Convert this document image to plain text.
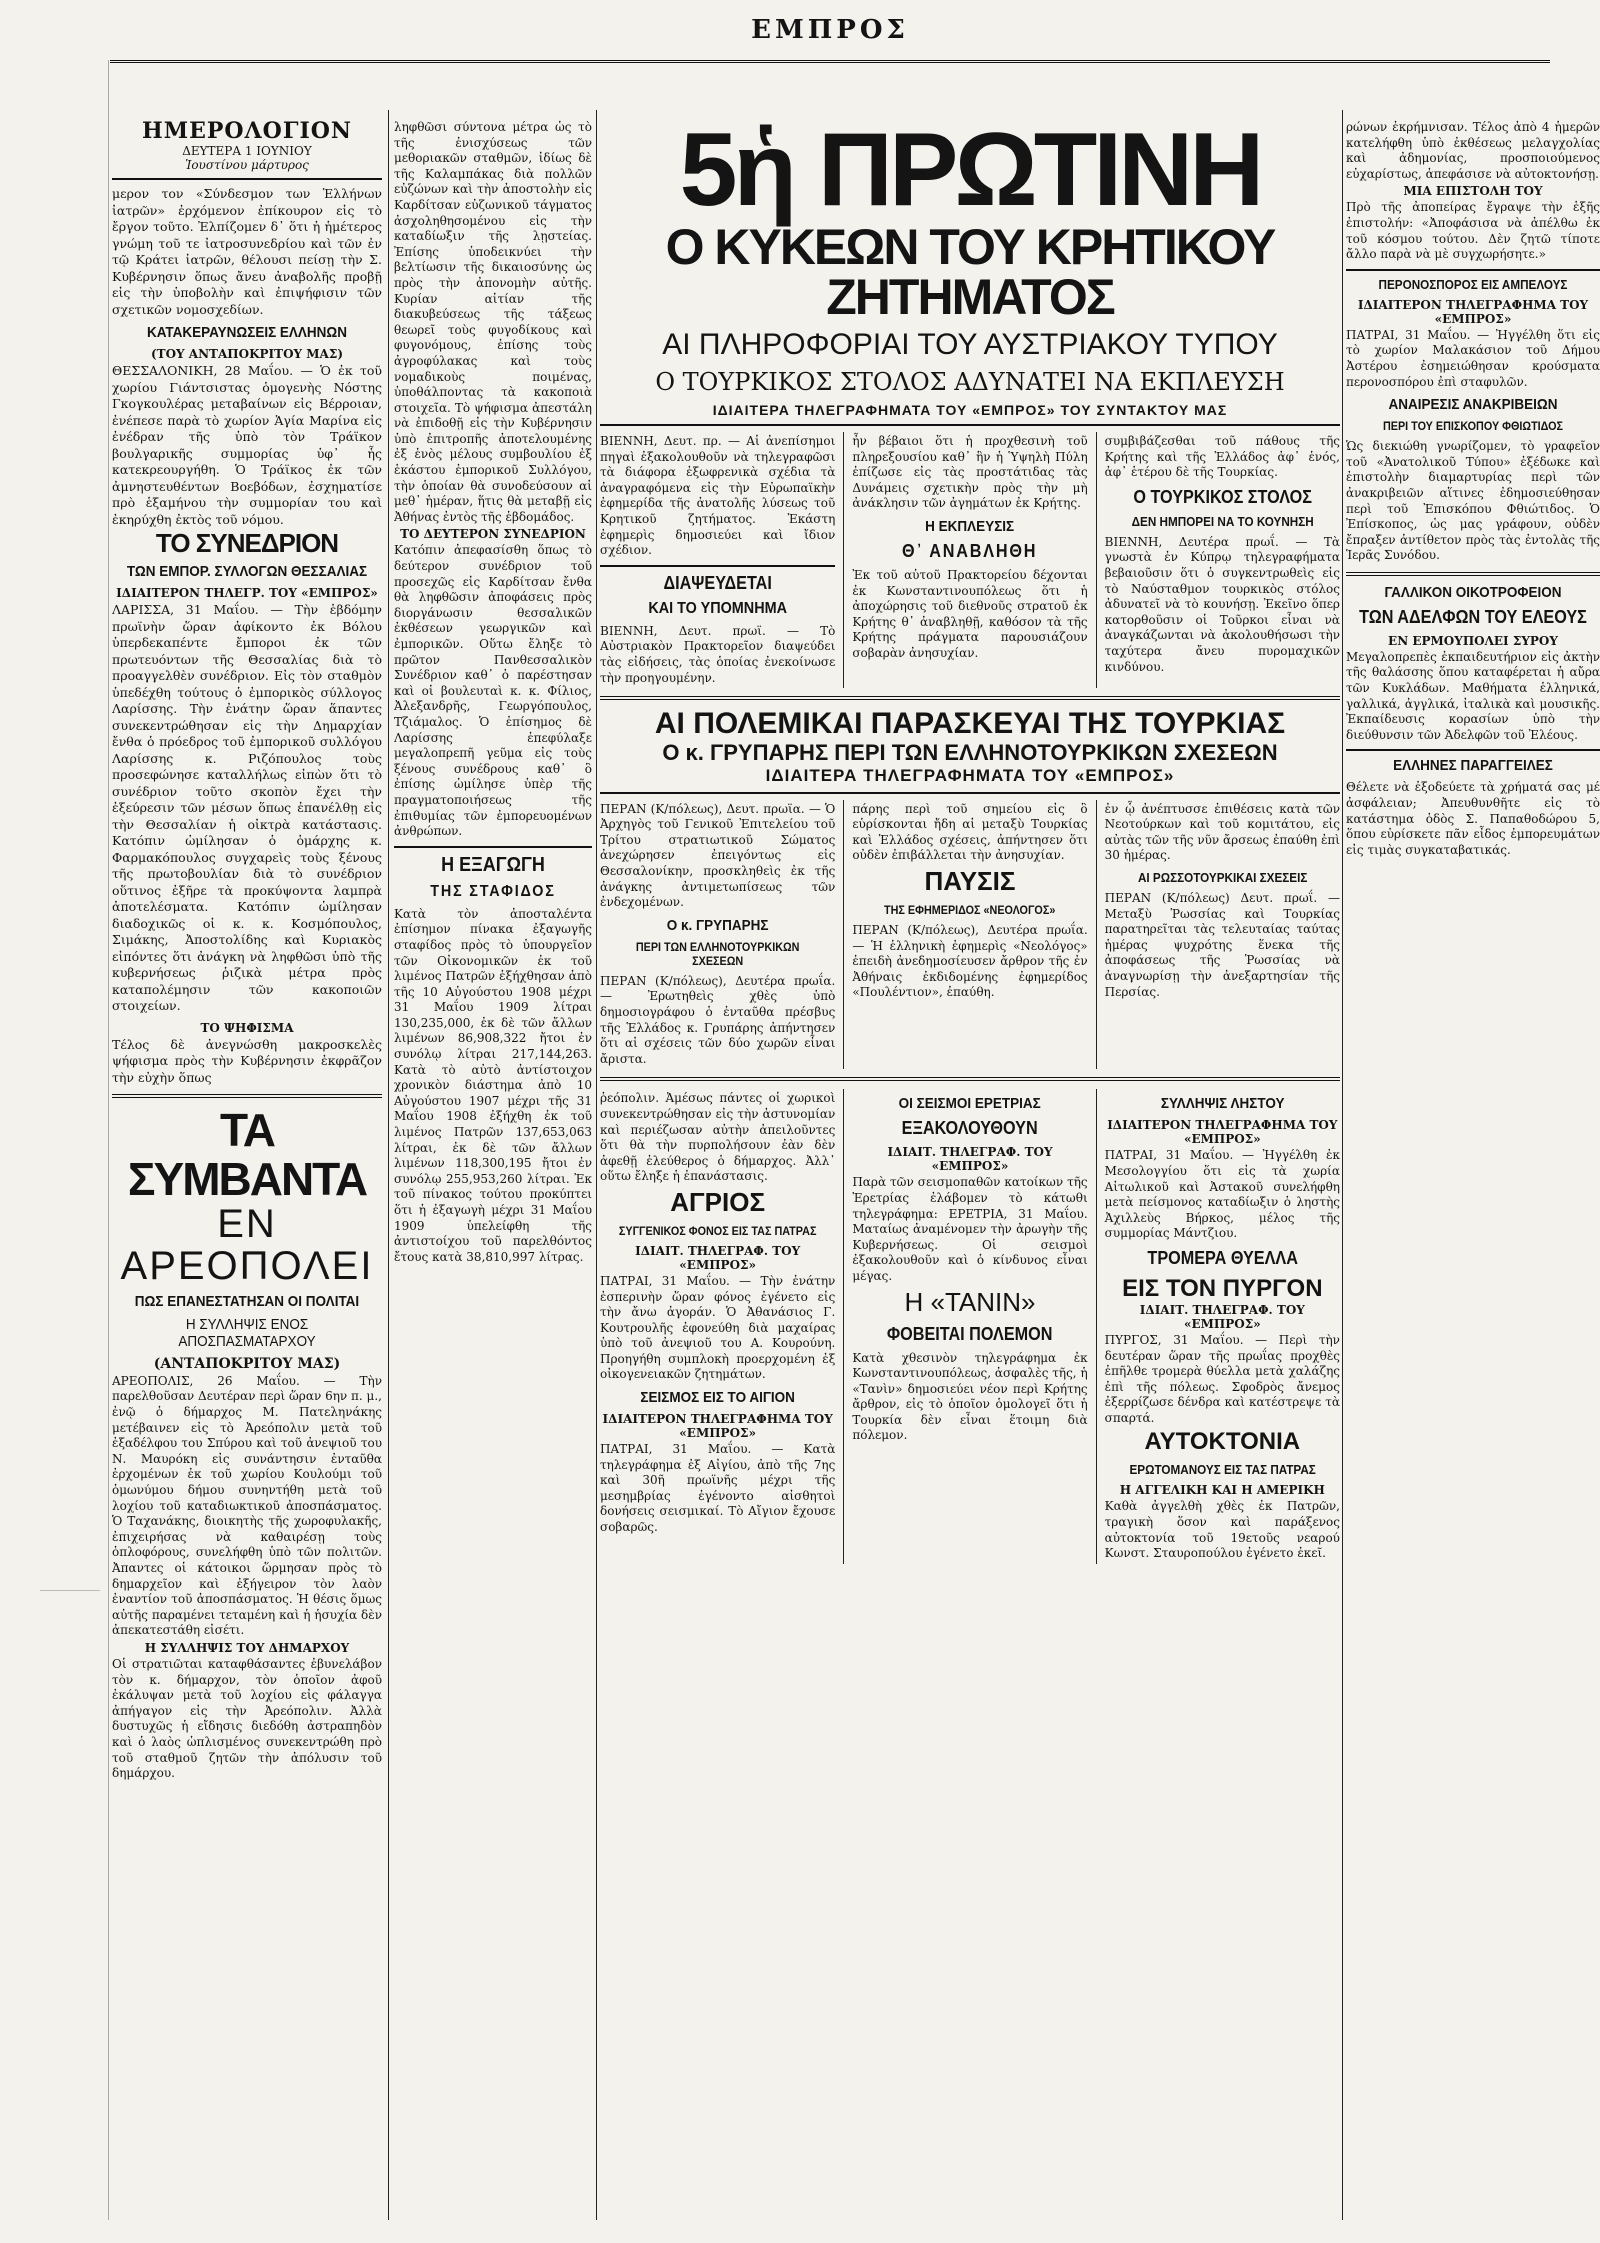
ΕΜΠΡΟΣ
ΗΜΕΡΟΛΟΓΙΟΝ
ΔΕΥΤΕΡΑ 1 ΙΟΥΝΙΟΥ
Ἰουστίνου μάρτυρος

μερον τον «Σύνδεσμον των Ἑλλήνων ἰατρῶν» ἐρχόμενον ἐπίκουρον εἰς τὸ ἔργον τοῦτο. Ἐλπίζομεν δ᾽ ὅτι ἡ ἡμέτερος γνώμη τοῦ τε ἰατροσυνεδρίου καὶ τῶν ἐν τῷ Κράτει ἰατρῶν, θέλουσι πείσῃ τὴν Σ. Κυβέρνησιν ὅπως ἄνευ ἀναβολῆς προβῇ εἰς τὴν ὑποβολὴν καὶ ἐπιψήφισιν τῶν σχετικῶν νομοσχεδίων.

ΚΑΤΑΚΕΡΑΥΝΩΣΕΙΣ ΕΛΛΗΝΩΝ
(ΤΟΥ ΑΝΤΑΠΟΚΡΙΤΟΥ ΜΑΣ)

ΘΕΣΣΑΛΟΝΙΚΗ, 28 Μαΐου. — Ὁ ἐκ τοῦ χωρίου Γιάντσιστας ὁμογενὴς Νόστης Γκογκουλέρας μεταβαίνων εἰς Βέρροιαν, ἐνέπεσε παρὰ τὸ χωρίον Ἁγία Μαρίνα εἰς ἐνέδραν τῆς ὑπὸ τὸν Τράϊκον βουλγαρικῆς συμμορίας ὑφ᾽ ἧς κατεκρεουργήθη. Ὁ Τράϊκος ἐκ τῶν ἀμνηστευθέντων Βοεβόδων, ἐσχηματίσε πρὸ ἑξαμήνου τὴν συμμορίαν του καὶ ἐκηρύχθη ἐκτὸς τοῦ νόμου.

ΤΟ ΣΥΝΕΔΡΙΟΝ
ΤΩΝ ΕΜΠΟΡ. ΣΥΛΛΟΓΩΝ ΘΕΣΣΑΛΙΑΣ
ΙΔΙΑΙΤΕΡΟΝ ΤΗΛΕΓΡ. ΤΟΥ «ΕΜΠΡΟΣ»

ΛΑΡΙΣΣΑ, 31 Μαΐου. — Τὴν ἑβδόμην πρωϊνὴν ὥραν ἀφίκοντο ἐκ Βόλου ὑπερδεκαπέντε ἔμποροι ἐκ τῶν πρωτευόντων τῆς Θεσσαλίας διὰ τὸ προαγγελθὲν συνέδριον. Εἰς τὸν σταθμὸν ὑπεδέχθη τούτους ὁ ἐμπορικὸς σύλλογος Λαρίσσης. Τὴν ἐνάτην ὥραν ἅπαντες συνεκεντρώθησαν εἰς τὴν Δημαρχίαν ἔνθα ὁ πρόεδρος τοῦ ἐμπορικοῦ συλλόγου Λαρίσσης κ. Ριζόπουλος τοὺς προσεφώνησε καταλλήλως εἰπὼν ὅτι τὸ συνέδριον τοῦτο σκοπὸν ἔχει τὴν ἐξεύρεσιν τῶν μέσων ὅπως ἐπανέλθῃ εἰς τὴν Θεσσαλίαν ἡ οἰκτρὰ κατάστασις. Κατόπιν ὡμίλησαν ὁ ὁμάρχης κ. Φαρμακόπουλος συγχαρεὶς τοὺς ξένους τῆς πρωτοβουλίαν διὰ τὸ συνέδριον οὕτινος ἐξῆρε τὰ προκύψοντα λαμπρὰ ἀποτελέσματα. Κατόπιν ὡμίλησαν διαδοχικῶς οἱ κ. κ. Κοσμόπουλος, Σιμάκης, Ἀποστολίδης καὶ Κυριακὸς εἰπόντες ὅτι ἀνάγκη νὰ ληφθῶσι ὑπὸ τῆς κυβερνήσεως ῥιζικὰ μέτρα πρὸς καταπολέμησιν τῶν κακοποιῶν στοιχείων.

ΤΟ ΨΗΦΙΣΜΑ

Τέλος δὲ ἀνεγνώσθη μακροσκελὲς ψήφισμα πρὸς τὴν Κυβέρνησιν ἐκφρᾶζον τὴν εὐχὴν ὅπως

ΤΑ ΣΥΜΒΑΝΤΑ
ΕΝ ΑΡΕΟΠΟΛΕΙ
ΠΩΣ ΕΠΑΝΕΣΤΑΤΗΣΑΝ ΟΙ ΠΟΛΙΤΑΙ
Η ΣΥΛΛΗΨΙΣ ΕΝΟΣ ΑΠΟΣΠΑΣΜΑΤΑΡΧΟΥ
(ΑΝΤΑΠΟΚΡΙΤΟΥ ΜΑΣ)

ΑΡΕΟΠΟΛΙΣ, 26 Μαΐου. — Τὴν παρελθοῦσαν Δευτέραν περὶ ὥραν 6ην π. μ., ἐνῷ ὁ δήμαρχος Μ. Πατεληνάκης μετέβαινεν εἰς τὸ Ἀρεόπολιν μετὰ τοῦ ἐξαδέλφου του Σπύρου καὶ τοῦ ἀνεψιοῦ του Ν. Μαυρόκη εἰς συνάντησιν ἐνταῦθα ἐρχομένων ἐκ τοῦ χωρίου Κουλούμι τοῦ ὁμωνύμου δήμου συνηντήθη μετὰ τοῦ λοχίου τοῦ καταδιωκτικοῦ ἀποσπάσματος. Ὁ Ταχανάκης, διοικητὴς τῆς χωροφυλακῆς, ἐπιχειρήσας νὰ καθαιρέσῃ τοὺς ὁπλοφόρους, συνελήφθη ὑπὸ τῶν πολιτῶν. Ἀπαντες οἱ κάτοικοι ὥρμησαν πρὸς τὸ δημαρχεῖον καὶ ἐξήγειρον τὸν λαὸν ἐναντίον τοῦ ἀποσπάσματος. Ἡ θέσις ὅμως αὐτῆς παραμένει τεταμένη καὶ ἡ ἡσυχία δὲν ἀπεκατεστάθη εἰσέτι.

Η ΣΥΛΛΗΨΙΣ ΤΟΥ ΔΗΜΑΡΧΟΥ

Οἱ στρατιῶται καταφθάσαντες ἐβυνελάβον τὸν κ. δήμαρχον, τὸν ὁποῖον ἀφοῦ ἐκάλυψαν μετὰ τοῦ λοχίου εἰς φάλαγγα ἀπήγαγον εἰς τὴν Ἀρεόπολιν. Ἀλλὰ δυστυχῶς ἡ εἴδησις διεδόθη ἀστραπηδὸν καὶ ὁ λαὸς ὡπλισμένος συνεκεντρώθη πρὸ τοῦ σταθμοῦ ζητῶν τὴν ἀπόλυσιν τοῦ δημάρχου.

ληφθῶσι σύντονα μέτρα ὡς τὸ τῆς ἐνισχύσεως τῶν μεθοριακῶν σταθμῶν, ἰδίως δὲ τῆς Καλαμπάκας διὰ πολλῶν εὐζώνων καὶ τὴν ἀποστολὴν εἰς Καρδίτσαν εὐζωνικοῦ τάγματος ἀσχοληθησομένου εἰς τὴν καταδίωξιν τῆς λῃστείας. Ἐπίσης ὑποδεικνύει τὴν βελτίωσιν τῆς δικαιοσύνης ὡς πρὸς τὴν ἀπονομὴν αὐτῆς. Κυρίαν αἰτίαν τῆς διακυβεύσεως τῆς τάξεως θεωρεῖ τοὺς φυγοδίκους καὶ φυγονόμους, ἐπίσης τοὺς ἀγροφύλακας καὶ τοὺς νομαδικοὺς ποιμένας, ὑποθάλποντας τὰ κακοποιὰ στοιχεῖα. Τὸ ψήφισμα ἀπεστάλη νὰ ἐπιδοθῇ εἰς τὴν Κυβέρνησιν ὑπὸ ἐπιτροπῆς ἀποτελουμένης ἐξ ἑνὸς μέλους συμβουλίου ἐξ ἑκάστου ἐμπορικοῦ Συλλόγου, τὴν ὁποίαν θὰ συνοδεύσουν αἱ μεθ᾽ ἡμέραν, ἥτις θὰ μεταβῇ εἰς Ἀθήνας ἐντὸς τῆς ἑβδομάδος.

ΤΟ ΔΕΥΤΕΡΟΝ ΣΥΝΕΔΡΙΟΝ

Κατόπιν ἀπεφασίσθη ὅπως τὸ δεύτερον συνέδριον τοῦ προσεχῶς εἰς Καρδίτσαν ἔνθα θὰ ληφθῶσιν ἀποφάσεις πρὸς διοργάνωσιν θεσσαλικῶν ἐκθέσεων γεωργικῶν καὶ ἐμπορικῶν. Οὕτω ἔληξε τὸ πρῶτον Πανθεσσαλικὸν Συνέδριον καθ᾽ ὁ παρέστησαν καὶ οἱ βουλευταὶ κ. κ. Φίλιος, Ἀλεξανδρῆς, Γεωργόπουλος, Τζιάμαλος. Ὁ ἐπίσημος δὲ Λαρίσσης ἐπεφύλαξε μεγαλοπρεπῆ γεῦμα εἰς τοὺς ξένους συνέδρους καθ᾽ ὃ ἐπίσης ὡμίλησε ὑπὲρ τῆς πραγματοποιήσεως τῆς ἐπιθυμίας τῶν ἐμπορευομένων ἀνθρώπων.

Η ΕΞΑΓΩΓΗ
ΤΗΣ ΣΤΑΦΙΔΟΣ

Κατὰ τὸν ἀποσταλέντα ἐπίσημον πίνακα ἐξαγωγῆς σταφίδος πρὸς τὸ ὑπουργεῖον τῶν Οἰκονομικῶν ἐκ τοῦ λιμένος Πατρῶν ἐξήχθησαν ἀπὸ τῆς 10 Αὐγούστου 1908 μέχρι 31 Μαΐου 1909 λίτραι 130,235,000, ἐκ δὲ τῶν ἄλλων λιμένων 86,908,322 ἤτοι ἐν συνόλῳ λίτραι 217,144,263. Κατὰ τὸ αὐτὸ ἀντίστοιχον χρονικὸν διάστημα ἀπὸ 10 Αὐγούστου 1907 μέχρι τῆς 31 Μαΐου 1908 ἐξήχθη ἐκ τοῦ λιμένος Πατρῶν 137,653,063 λίτραι, ἐκ δὲ τῶν ἄλλων λιμένων 118,300,195 ἤτοι ἐν συνόλῳ 255,953,260 λίτραι. Ἐκ τοῦ πίνακος τούτου προκύπτει ὅτι ἡ ἐξαγωγὴ μέχρι 31 Μαΐου 1909 ὑπελείφθη τῆς ἀντιστοίχου τοῦ παρελθόντος ἔτους κατὰ 38,810,997 λίτρας.

5ἡ ΠΡΩΤΙΝΗ
Ο ΚΥΚΕΩΝ ΤΟΥ ΚΡΗΤΙΚΟΥ ΖΗΤΗΜΑΤΟΣ
ΑΙ ΠΛΗΡΟΦΟΡΙΑΙ ΤΟΥ ΑΥΣΤΡΙΑΚΟΥ ΤΥΠΟΥ
Ο ΤΟΥΡΚΙΚΟΣ ΣΤΟΛΟΣ ΑΔΥΝΑΤΕΙ ΝΑ ΕΚΠΛΕΥΣΗ
ΙΔΙΑΙΤΕΡΑ ΤΗΛΕΓΡΑΦΗΜΑΤΑ ΤΟΥ «ΕΜΠΡΟΣ» ΤΟΥ ΣΥΝΤΑΚΤΟΥ ΜΑΣ

ΒΙΕΝΝΗ, Δευτ. πρ. — Αἱ ἀνεπίσημοι πηγαὶ ἐξακολουθοῦν νὰ τηλεγραφῶσι τὰ διάφορα ἐξωφρενικὰ σχέδια τὰ ἀναγραφόμενα εἰς τὴν Εὐρωπαϊκὴν ἐφημερίδα τῆς ἀνατολῆς λύσεως τοῦ Κρητικοῦ ζητήματος. Ἑκάστη ἐφημερὶς δημοσιεύει καὶ ἴδιον σχέδιον.

ΔΙΑΨΕΥΔΕΤΑΙ
ΚΑΙ ΤΟ ΥΠΟΜΝΗΜΑ

ΒΙΕΝΝΗ, Δευτ. πρωϊ. — Τὸ Αὐστριακὸν Πρακτορεῖον διαψεύδει τὰς εἰδήσεις, τὰς ὁποίας ἐνεκοίνωσε τὴν προηγουμένην.

ἦν βέβαιοι ὅτι ἡ προχθεσινὴ τοῦ πληρεξουσίου καθ᾽ ἣν ἡ Ὑψηλὴ Πύλη ἐπίζωσε εἰς τὰς προστάτιδας τὰς Δυνάμεις σχετικὴν πρὸς τὴν μὴ ἀνάκλησιν τῶν ἀγημάτων ἐκ Κρήτης.

Η ΕΚΠΛΕΥΣΙΣ
Θ᾽ ΑΝΑΒΛΗΘΗ

Ἐκ τοῦ αὐτοῦ Πρακτορείου δέχονται ἐκ Κωνσταντινουπόλεως ὅτι ἡ ἀποχώρησις τοῦ διεθνοῦς στρατοῦ ἐκ Κρήτης θ᾽ ἀναβληθῇ, καθόσον τὰ τῆς Κρήτης πράγματα παρουσιάζουν σοβαρὰν ἀνησυχίαν.

συμβιβάζεσθαι τοῦ πάθους τῆς Κρήτης καὶ τῆς Ἑλλάδος ἀφ᾽ ἑνός, ἀφ᾽ ἑτέρου δὲ τῆς Τουρκίας.

Ο ΤΟΥΡΚΙΚΟΣ ΣΤΟΛΟΣ
ΔΕΝ ΗΜΠΟΡΕΙ ΝΑ ΤΟ ΚΟΥΝΗΣΗ

ΒΙΕΝΝΗ, Δευτέρα πρωΐ. — Τὰ γνωστὰ ἐν Κύπρῳ τηλεγραφήματα βεβαιοῦσιν ὅτι ὁ συγκεντρωθεὶς εἰς τὸ Ναύσταθμον τουρκικὸς στόλος ἀδυνατεῖ νὰ τὸ κουνήσῃ. Ἐκεῖνο ὅπερ κατορθοῦσιν οἱ Τοῦρκοι εἶναι νὰ ἀναγκάζωνται νὰ ἀκολουθήσωσι τὴν ταχύτερα ἄνευ πυρομαχικῶν κινδύνου.

ΑΙ ΠΟΛΕΜΙΚΑΙ ΠΑΡΑΣΚΕΥΑΙ ΤΗΣ ΤΟΥΡΚΙΑΣ
Ο κ. ΓΡΥΠΑΡΗΣ ΠΕΡΙ ΤΩΝ ΕΛΛΗΝΟΤΟΥΡΚΙΚΩΝ ΣΧΕΣΕΩΝ
ΙΔΙΑΙΤΕΡΑ ΤΗΛΕΓΡΑΦΗΜΑΤΑ ΤΟΥ «ΕΜΠΡΟΣ»

ΠΕΡΑΝ (Κ/πόλεως), Δευτ. πρωϊα. — Ὁ Ἀρχηγὸς τοῦ Γενικοῦ Ἐπιτελείου τοῦ Τρίτου στρατιωτικοῦ Σώματος ἀνεχώρησεν ἐπειγόντως εἰς Θεσσαλονίκην, προσκληθεὶς ἐκ τῆς ἀνάγκης ἀντιμετωπίσεως τῶν ἐνδεχομένων.

Ο κ. ΓΡΥΠΑΡΗΣ
ΠΕΡΙ ΤΩΝ ΕΛΛΗΝΟΤΟΥΡΚΙΚΩΝ ΣΧΕΣΕΩΝ

ΠΕΡΑΝ (Κ/πόλεως), Δευτέρα πρωΐα. — Ἐρωτηθεὶς χθὲς ὑπὸ δημοσιογράφου ὁ ἐνταῦθα πρέσβυς τῆς Ἑλλάδος κ. Γρυπάρης ἀπήντησεν ὅτι αἱ σχέσεις τῶν δύο χωρῶν εἶναι ἄριστα.

πάρης περὶ τοῦ σημείου εἰς ὃ εὑρίσκονται ἤδη αἱ μεταξὺ Τουρκίας καὶ Ἑλλάδος σχέσεις, ἀπήντησεν ὅτι οὐδὲν ἐπιβάλλεται τὴν ἀνησυχίαν.

ΠΑΥΣΙΣ
ΤΗΣ ΕΦΗΜΕΡΙΔΟΣ «ΝΕΟΛΟΓΟΣ»

ΠΕΡΑΝ (Κ/πόλεως), Δευτέρα πρωΐα. — Ἡ ἑλληνικὴ ἐφημερὶς «Νεολόγος» ἐπειδὴ ἀνεδημοσίευσεν ἄρθρον τῆς ἐν Ἀθήναις ἐκδιδομένης ἐφημερίδος «Πουλέντιον», ἐπαύθη.

ἐν ᾧ ἀνέπτυσσε ἐπιθέσεις κατὰ τῶν Νεοτούρκων καὶ τοῦ κομιτάτου, εἰς αὐτὰς τῶν τῆς νῦν ἄρσεως ἐπαύθη ἐπὶ 30 ἡμέρας.

ΑΙ ΡΩΣΣΟΤΟΥΡΚΙΚΑΙ ΣΧΕΣΕΙΣ

ΠΕΡΑΝ (Κ/πόλεως) Δευτ. πρωΐ. — Μεταξὺ Ῥωσσίας καὶ Τουρκίας παρατηρεῖται τὰς τελευταίας ταύτας ἡμέρας ψυχρότης ἕνεκα τῆς ἀποφάσεως τῆς Ῥωσσίας νὰ ἀναγνωρίσῃ τὴν ἀνεξαρτησίαν τῆς Περσίας.

ῥεόπολιν. Ἀμέσως πάντες οἱ χωρικοὶ συνεκεντρώθησαν εἰς τὴν ἀστυνομίαν καὶ περιέζωσαν αὐτὴν ἀπειλοῦντες ὅτι θὰ τὴν πυρπολήσουν ἐὰν δὲν ἀφεθῇ ἐλεύθερος ὁ δήμαρχος. Ἀλλ᾽ οὕτω ἔληξε ἡ ἐπανάστασις.

ΑΓΡΙΟΣ
ΣΥΓΓΕΝΙΚΟΣ ΦΟΝΟΣ ΕΙΣ ΤΑΣ ΠΑΤΡΑΣ
ΙΔΙΑΙΤ. ΤΗΛΕΓΡΑΦ. ΤΟΥ «ΕΜΠΡΟΣ»

ΠΑΤΡΑΙ, 31 Μαΐου. — Τὴν ἐνάτην ἐσπερινὴν ὥραν φόνος ἐγένετο εἰς τὴν ἄνω ἀγοράν. Ὁ Ἀθανάσιος Γ. Κουτρουλῆς ἐφονεύθη διὰ μαχαίρας ὑπὸ τοῦ ἀνεψιοῦ του Α. Κουρούνη. Προηγήθη συμπλοκὴ προερχομένη ἐξ οἰκογενειακῶν ζητημάτων.

ΣΕΙΣΜΟΣ ΕΙΣ ΤΟ ΑΙΓΙΟΝ
ΙΔΙΑΙΤΕΡΟΝ ΤΗΛΕΓΡΑΦΗΜΑ ΤΟΥ «ΕΜΠΡΟΣ»

ΠΑΤΡΑΙ, 31 Μαΐου. — Κατὰ τηλεγράφημα ἐξ Αἰγίου, ἀπὸ τῆς 7ης καὶ 30ῆ πρωϊνῆς μέχρι τῆς μεσημβρίας ἐγένοντο αἰσθητοὶ δονήσεις σεισμικαί. Τὸ Αἴγιον ἔχουσε σοβαρῶς.

ΟΙ ΣΕΙΣΜΟΙ ΕΡΕΤΡΙΑΣ
ΕΞΑΚΟΛΟΥΘΟΥΝ
ΙΔΙΑΙΤ. ΤΗΛΕΓΡΑΦ. ΤΟΥ «ΕΜΠΡΟΣ»

Παρὰ τῶν σεισμοπαθῶν κατοίκων τῆς Ἐρετρίας ἐλάβομεν τὸ κάτωθι τηλεγράφημα: ΕΡΕΤΡΙΑ, 31 Μαΐου. Ματαίως ἀναμένομεν τὴν ἀρωγὴν τῆς Κυβερνήσεως. Οἱ σεισμοὶ ἐξακολουθοῦν καὶ ὁ κίνδυνος εἶναι μέγας.

Η «ΤΑΝΙΝ»
ΦΟΒΕΙΤΑΙ ΠΟΛΕΜΟΝ

Κατὰ χθεσινὸν τηλεγράφημα ἐκ Κωνσταντινουπόλεως, ἀσφαλὲς τῆς, ἡ «Τανὶν» δημοσιεύει νέον περὶ Κρήτης ἄρθρον, εἰς τὸ ὁποῖον ὁμολογεῖ ὅτι ἡ Τουρκία δὲν εἶναι ἕτοιμη διὰ πόλεμον.

ΣΥΛΛΗΨΙΣ ΛΗΣΤΟΥ
ΙΔΙΑΙΤΕΡΟΝ ΤΗΛΕΓΡΑΦΗΜΑ ΤΟΥ «ΕΜΠΡΟΣ»

ΠΑΤΡΑΙ, 31 Μαΐου. — Ἠγγέλθη ἐκ Μεσολογγίου ὅτι εἰς τὰ χωρία Αἰτωλικοῦ καὶ Ἀστακοῦ συνελήφθη μετὰ πείσμονος καταδίωξιν ὁ ληστὴς Ἀχιλλεὺς Βήρκος, μέλος τῆς συμμορίας Μάντζιου.

ΤΡΟΜΕΡΑ ΘΥΕΛΛΑ
ΕΙΣ ΤΟΝ ΠΥΡΓΟΝ
ΙΔΙΑΙΤ. ΤΗΛΕΓΡΑΦ. ΤΟΥ «ΕΜΠΡΟΣ»

ΠΥΡΓΟΣ, 31 Μαΐου. — Περὶ τὴν δευτέραν ὥραν τῆς πρωΐας προχθὲς ἐπῆλθε τρομερὰ θύελλα μετὰ χαλάζης ἐπὶ τῆς πόλεως. Σφοδρὸς ἄνεμος ἐξερρίζωσε δένδρα καὶ κατέστρεψε τὰ σπαρτά.

ΑΥΤΟΚΤΟΝΙΑ
ΕΡΩΤΟΜΑΝΟΥΣ ΕΙΣ ΤΑΣ ΠΑΤΡΑΣ
Η ΑΓΓΕΛΙΚΗ ΚΑΙ Η ΑΜΕΡΙΚΗ

Καθὰ ἀγγελθὴ χθὲς ἐκ Πατρῶν, τραγικὴ ὅσον καὶ παράξενος αὐτοκτονία τοῦ 19ετοῦς νεαρού Κωνστ. Σταυροπούλου ἐγένετο ἐκεῖ.

ρώνων ἐκρήμνισαν. Τέλος ἀπὸ 4 ἡμερῶν κατελήφθη ὑπὸ ἐκθέσεως μελαγχολίας καὶ ἀδημονίας, προσποιούμενος εὐχαρίστως, ἀπεφάσισε νὰ αὐτοκτονήσῃ.

ΜΙΑ ΕΠΙΣΤΟΛΗ ΤΟΥ

Πρὸ τῆς ἀποπείρας ἔγραψε τὴν ἑξῆς ἐπιστολήν: «Ἀποφάσισα νὰ ἀπέλθω ἐκ τοῦ κόσμου τούτου. Δὲν ζητῶ τίποτε ἄλλο παρὰ νὰ μὲ συγχωρήσητε.»

ΠΕΡΟΝΟΣΠΟΡΟΣ ΕΙΣ ΑΜΠΕΛΟΥΣ
ΙΔΙΑΙΤΕΡΟΝ ΤΗΛΕΓΡΑΦΗΜΑ ΤΟΥ «ΕΜΠΡΟΣ»

ΠΑΤΡΑΙ, 31 Μαΐου. — Ἠγγέλθη ὅτι εἰς τὸ χωρίον Μαλακάσιον τοῦ Δήμου Ἀστέρου ἐσημειώθησαν κρούσματα περονοσπόρου ἐπὶ σταφυλῶν.

ΑΝΑΙΡΕΣΙΣ ΑΝΑΚΡΙΒΕΙΩΝ
ΠΕΡΙ ΤΟΥ ΕΠΙΣΚΟΠΟΥ ΦΘΙΩΤΙΔΟΣ

Ὡς διεκιώθη γνωρίζομεν, τὸ γραφεῖον τοῦ «Ἀνατολικοῦ Τύπου» ἐξέδωκε καὶ ἐπιστολὴν διαμαρτυρίας περὶ τῶν ἀνακριβειῶν αἵτινες ἐδημοσιεύθησαν περὶ τοῦ Ἐπισκόπου Φθιώτιδος. Ὁ Ἐπίσκοπος, ὡς μας γράφουν, οὐδὲν ἔπραξεν ἀντίθετον πρὸς τὰς ἐντολὰς τῆς Ἱερᾶς Συνόδου.

ΓΑΛΛΙΚΟΝ ΟΙΚΟΤΡΟΦΕΙΟΝ
ΤΩΝ ΑΔΕΛΦΩΝ ΤΟΥ ΕΛΕΟΥΣ
ΕΝ ΕΡΜΟΥΠΟΛΕΙ ΣΥΡΟΥ

Μεγαλοπρεπὲς ἐκπαιδευτήριον εἰς ἀκτὴν τῆς θαλάσσης ὅπου καταφέρεται ἡ αὔρα τῶν Κυκλάδων. Μαθήματα ἑλληνικά, γαλλικά, ἀγγλικά, ἰταλικὰ καὶ μουσικῆς. Ἐκπαίδευσις κορασίων ὑπὸ τὴν διεύθυνσιν τῶν Ἀδελφῶν τοῦ Ἐλέους.

ΕΛΛΗΝΕΣ ΠΑΡΑΓΓΕΙΛΕΣ

Θέλετε νὰ ἐξοδεύετε τὰ χρήματά σας μέ ἀσφάλειαν; Ἀπευθυνθῆτε εἰς τὸ κατάστημα ὁδὸς Σ. Παπαθοδώρου 5, ὅπου εὑρίσκετε πᾶν εἶδος ἐμπορευμάτων εἰς τιμὰς συγκαταβατικάς.
